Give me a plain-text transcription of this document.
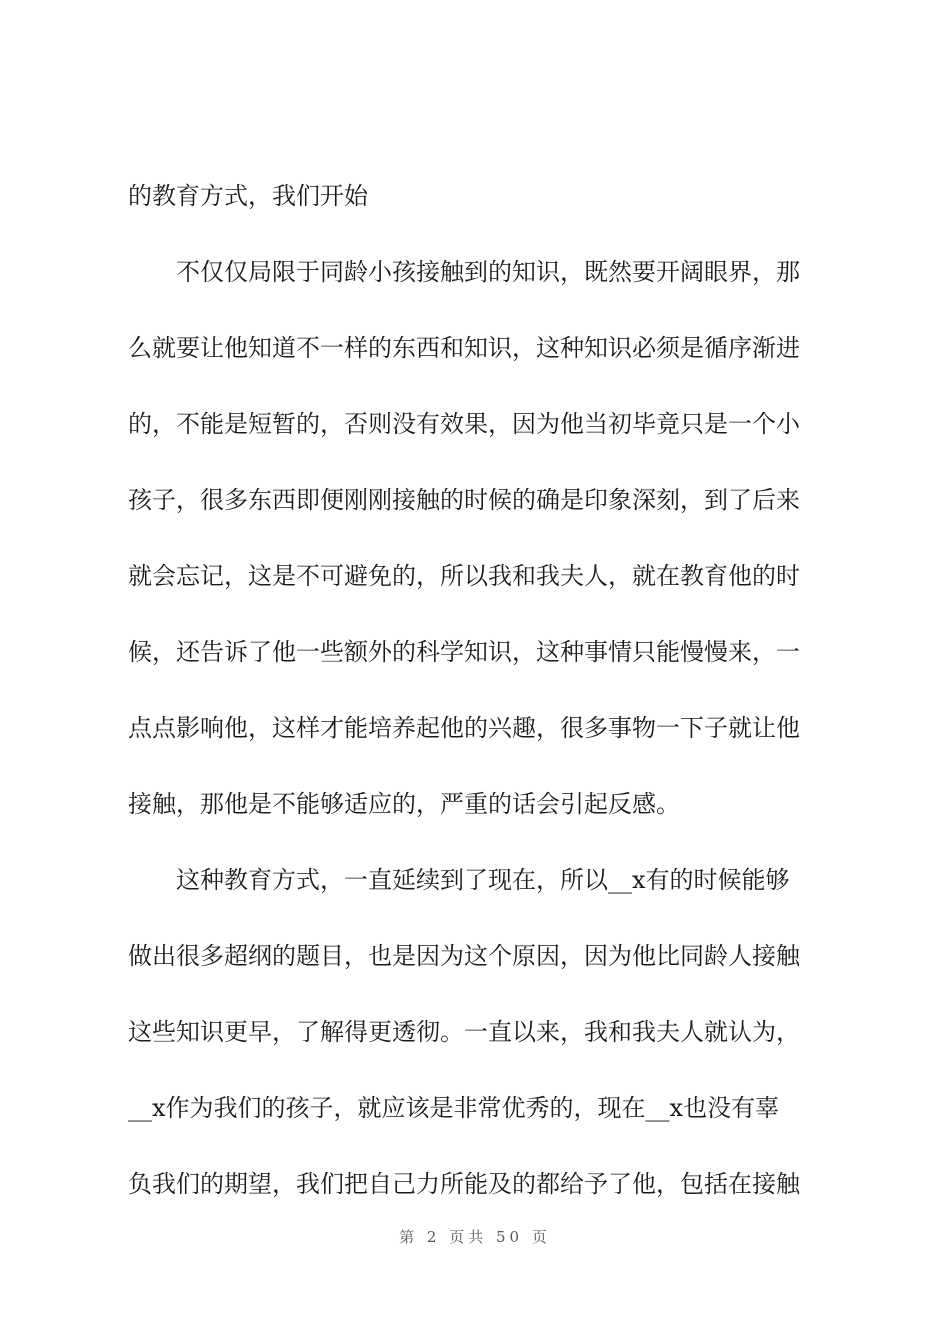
的教育方式，我们开始
　　不仅仅局限于同龄小孩接触到的知识，既然要开阔眼界，那
么就要让他知道不一样的东西和知识，这种知识必须是循序渐进
的，不能是短暂的，否则没有效果，因为他当初毕竟只是一个小
孩子，很多东西即便刚刚接触的时候的确是印象深刻，到了后来
就会忘记，这是不可避免的，所以我和我夫人，就在教育他的时
候，还告诉了他一些额外的科学知识，这种事情只能慢慢来，一
点点影响他，这样才能培养起他的兴趣，很多事物一下子就让他
接触，那他是不能够适应的，严重的话会引起反感。
　　这种教育方式，一直延续到了现在，所以__x有的时候能够
做出很多超纲的题目，也是因为这个原因，因为他比同龄人接触
这些知识更早，了解得更透彻。一直以来，我和我夫人就认为，
__x作为我们的孩子，就应该是非常优秀的，现在__x也没有辜
负我们的期望，我们把自己力所能及的都给予了他，包括在接触
第 2 页共 50 页
